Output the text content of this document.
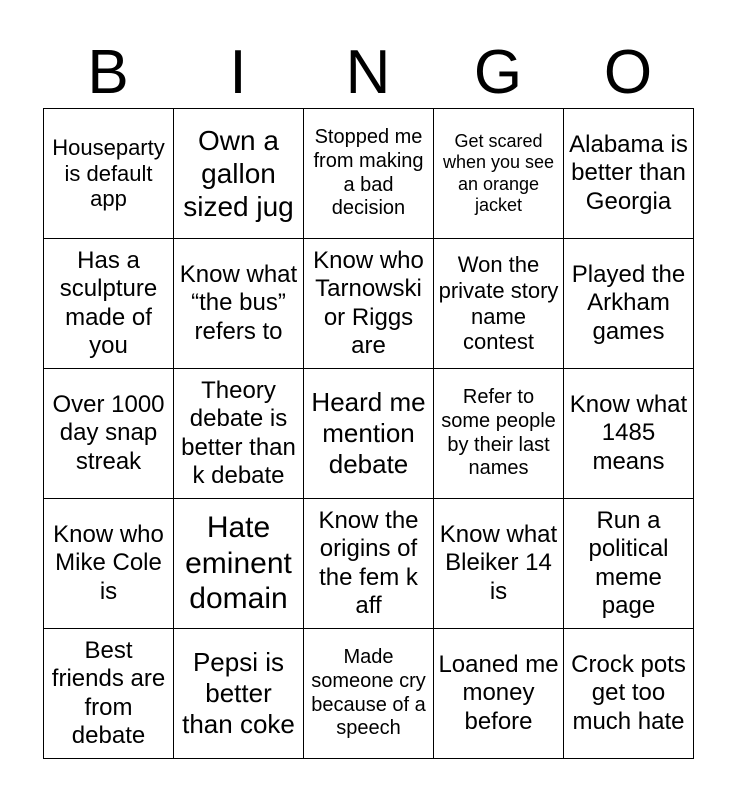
B	I	N	G	O
Houseparty is default app	Own a gallon sized jug	Stopped me from making a bad decision	Get scared when you see an orange jacket	Alabama is better than Georgia
Has a sculpture made of you	Know what “the bus” refers to	Know who Tarnowski or Riggs are	Won the private story name contest	Played the Arkham games
Over 1000 day snap streak	Theory debate is better than k debate	Heard me mention debate	Refer to some people by their last names	Know what 1485 means
Know who Mike Cole is	Hate eminent domain	Know the origins of the fem k aff	Know what Bleiker 14 is	Run a political meme page
Best friends are from debate	Pepsi is better than coke	Made someone cry because of a speech	Loaned me money before	Crock pots get too much hate
